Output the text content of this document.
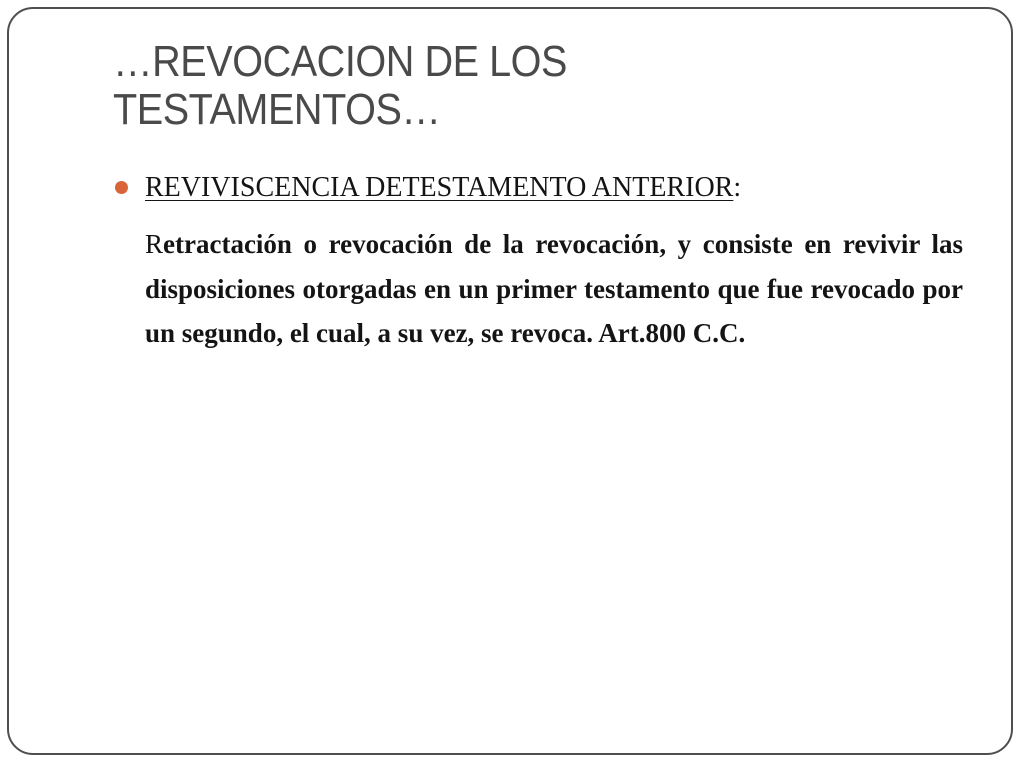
…REVOCACION DE LOS
TESTAMENTOS…
REVIVISCENCIA DETESTAMENTO ANTERIOR:

Retractación o revocación de la revocación, y consiste en revivir las disposiciones otorgadas en un primer testamento que fue revocado por un segundo, el cual, a su vez, se revoca. Art.800 C.C.
